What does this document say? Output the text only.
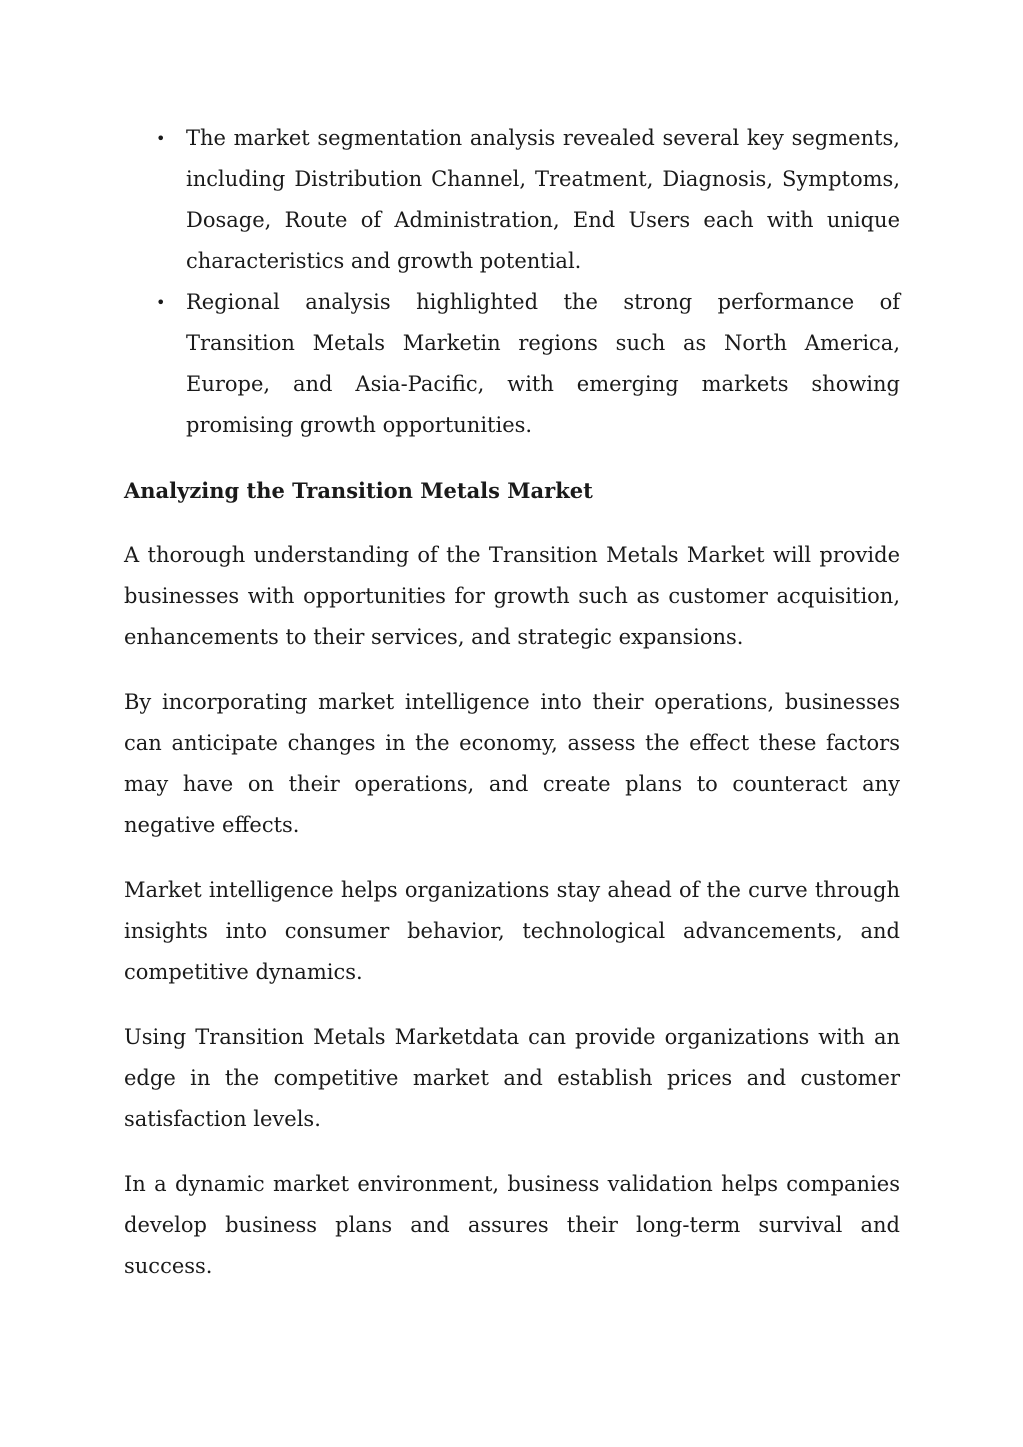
• The market segmentation analysis revealed several key segments, including Distribution Channel, Treatment, Diagnosis, Symptoms, Dosage, Route of Administration, End Users each with unique characteristics and growth potential.
• Regional analysis highlighted the strong performance of Transition Metals Marketin regions such as North America, Europe, and Asia-Pacific, with emerging markets showing promising growth opportunities.
Analyzing the Transition Metals Market

A thorough understanding of the Transition Metals Market will provide businesses with opportunities for growth such as customer acquisition, enhancements to their services, and strategic expansions.

By incorporating market intelligence into their operations, businesses can anticipate changes in the economy, assess the effect these factors may have on their operations, and create plans to counteract any negative effects.

Market intelligence helps organizations stay ahead of the curve through insights into consumer behavior, technological advancements, and competitive dynamics.

Using Transition Metals Marketdata can provide organizations with an edge in the competitive market and establish prices and customer satisfaction levels.

In a dynamic market environment, business validation helps companies develop business plans and assures their long-term survival and success.
